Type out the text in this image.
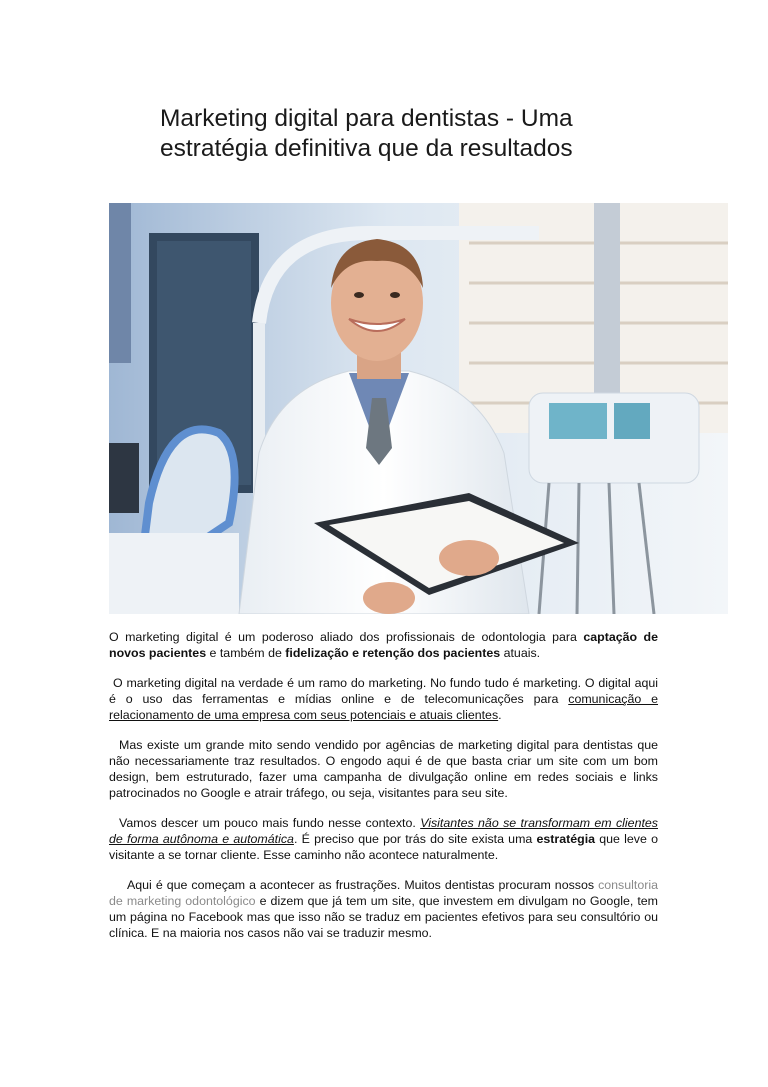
Marketing digital para dentistas - Uma
estratégia definitiva que da resultados

O marketing digital é um poderoso aliado dos profissionais de odontologia para captação de novos pacientes e também de fidelização e retenção dos pacientes atuais.

O marketing digital na verdade é um ramo do marketing. No fundo tudo é marketing. O digital aqui é o uso das ferramentas e mídias online e de telecomunicações para comunicação e relacionamento de uma empresa com seus potenciais e atuais clientes.

Mas existe um grande mito sendo vendido por agências de marketing digital para dentistas que não necessariamente traz resultados. O engodo aqui é de que basta criar um site com um bom design, bem estruturado, fazer uma campanha de divulgação online em redes sociais e links patrocinados no Google e atrair tráfego, ou seja, visitantes para seu site.

Vamos descer um pouco mais fundo nesse contexto. Visitantes não se transformam em clientes de forma autônoma e automática. É preciso que por trás do site exista uma estratégia que leve o visitante a se tornar cliente. Esse caminho não acontece naturalmente.

Aqui é que começam a acontecer as frustrações. Muitos dentistas procuram nossos consultoria de marketing odontológico e dizem que já tem um site, que investem em divulgam no Google, tem um página no Facebook mas que isso não se traduz em pacientes efetivos para seu consultório ou clínica. E na maioria nos casos não vai se traduzir mesmo.
